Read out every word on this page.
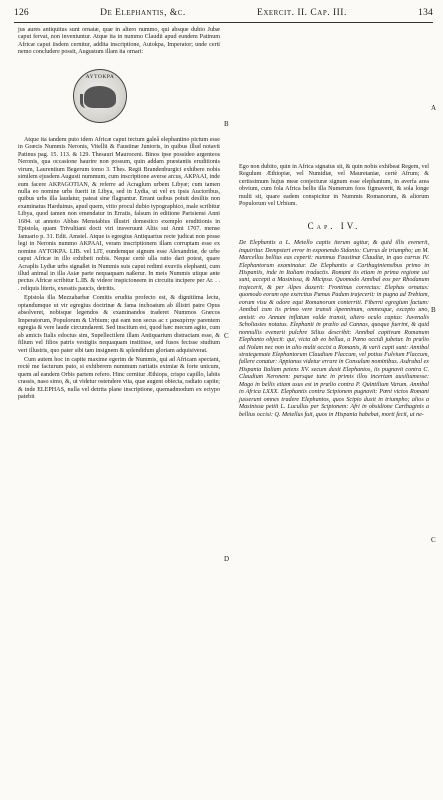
126	De Elephantis, &c.	Exercit. II. Cap. III.	134

jus aures antiquitus sunt ornatæ, quæ in altero nummo, qui absque dubio Jubæ caput fervat, non inveniuntur. Atque ita in nummo Claudii apud eundem Patinum Africæ caput iisdem cernitur, addita inscriptione, Autokpa, Imperator; unde certi nemo concludere possit, Augustum illam ita ornari:

AYTOKPA

Atque ita tandem puto idem Africæ caput tectum galeâ elephantino pictum esse in Græcis Nummis Neronis, Vitellii & Faustinæ Junioris, in quibus illud notavit Patinus pag. 15. 113. & 129. Thesauri Mauroceni. Binos ipse possideo argenteos Neronis, qua occasione haurire non possum, quin addam præstantis eruditionis virum, Laurentium Begerum tomo 3. Thes. Regii Brandenburgici exhibere nobis similem ejusdem Augusti nummum, cum inscriptione averse arcus, AKPAAI, inde eum facere AKPAGOTIAN, & referre ad Acraglum urbem Libyæ; cum tamen nulla eo nomine urbs fuerit in Libya, sed in Lydia, ut vel ex ipsis Auctoribus, quibus urbs illa laudatur, pateat sine flagrantur. Errant usibus potuit desiliis non examinatus Harduinus, apud quem, vitio procul dubio typographico, male scribitur Libya, quod tamen non emendatur in Erratis, falsum in editione Parisiensi Anni 1684. ut annoto Abbas Menstabius illustri domestico exemplo eruditionis in Epistola, quam Trivultiani docti viri insveruunt Aliis sui Anni 1707. mense Januario p. 31. Edit. Amstel. Atque is egregius Antiquarius recte judicat non posse legi in Neronis nummo AKPAAI, veram inscriptionem illam corruptam esse ex nomine AYTOKPA. LIB. vel LIT, eundemque signum esse Alexandriæ, de urbe caput Africæ in illo exhibeti nobis. Neque certè ulla ratio dari potest, quare Acraplis Lydiæ urbs signaßet in Nummis suis caput redimi exuviis elephanti, cum illud animal in illa Asiæ parte nequaquam naßerur. In meis Nummis utique ante pectus Africæ scribitur L.IB. & videor inspicioneem in circuitu incipere per Ar. . . . reliquis literis, exesstis paucis, detritis.

Epistola illa Mezzabarbæ Comitis erudita profecto est, & dignitiima lectu, optandumque ut vir egregius doctrinæ & fama inchoatum ab illistri patre Opus absolveret, nobisque legendos & examinandos traderet Nummos Græcos Imperatorum, Populorum & Urbium; qui eam non secus ac τ μακαρίτην parentem egregia & vere laude circumdarent. Sed inscitum est, quod hæc mecum agito, cum ab amicis Italis edoctus sim, Supellectilem illam Antiquarium distractam esse, & filium vel filios patris vestigiis nequaquam institisse, sed fusos fecisse studium veri illustris, quo pater sibi tam insignem & splendidum gloriam adquisiverat.

Cum autem hoc in capite maxime egerim de Nummis, qui ad Africam spectant, rectè me facturum puto, si exhiberem nummum raritatis eximiæ & forte unicum, quem ad eandem Orbis partem refero. Hinc cernitur Æthiops, crispo capillo, labiis crassis, naso simo, &, ut videtur ostendere vita, quæ augent obiecta, radiato capite; & inde ELEPHAS, nulla vel detrita plane inscriptione, quemadmodum ex ectypo patebit

B
C
D
A
B
C

Ego non dubito, quin in Africa signatus sit, & quin nobis exhibeat Regem, vel Regulum Æthiopiæ, vel Numidiæ, vel Mauretaniæ, certè Afrum; & certissimum hujus meæ conjecturæ signum esse elephantum, in averfa area obvium, cum fola Africa bellis illa Numerum foos figmaverit, & sola longe multi sit, quare eadem conspicitur in Nummis Romanorum, & aliorum Populorum vel Urbium.

Cap. IV.

De Elephantis a L. Metello captis iterum agitur, & quid illis evenerit, inquiritur. Dempsteri error in exponendo Sidonio: Currus de triumpho; an M. Marcellus bellius eas ceperit: nummus Faustinæ Claudiæ, in quo currus IV. Elephantorum examinatur. De Elephantis a Carthaginiensibus primo in Hispaniis, inde in Italiam traductis. Romani iis etiam in prima regione usi sunt, accepit a Masinissa, & Micipsa. Quomodo Annibal eos per Rhodanum trajecerit, & per Alpes duxerit: Frontinus correctus: Elephas ornatus: quomodo eorum ope exercitus Pænus Padum trajecerit: in pugna ad Trebiam, eorum visu & odore equi Romanorum conterriti. Fiberni egregium factum: Annibal cum iis primo vere transit Apenninum, omnesque, excepto uno, amisit: eo Annum inflatum valde transit, altero oculo captus: Juvenalis Scholiastes notatus. Elephanti in prælio ad Cannas, quoque fuerint, & quid nonnullis evenerit pulchre Silius describit: Annibal captivum Romanum Elephanto objecit: qui, victa ab eo bellua, a Pæno occidi jubetur. In prælio ad Nolam nec non in alio multi occisi a Romanis, & varii capti sunt: Annibal strategemate Elephantorum Claudium Flaccum, vel potius Fulvium Flaccum, fallere conatur: Appianus videtur errare in Consulum nominibus. Asdrubal ex Hispania Italiam petens XV. secum duxit Elephantos, iis pugnavit contra C. Claudium Neronem: parsque tunc in primis illos incertam auxiliumesse: Mago in bellis etiam usus est in prælio contra P. Quintilium Varum. Annibal in Africa LXXX. Elephantis contra Scipionem pugnavit: Pœni victos Romani jusserunt omnes tradere Elephantos, quos Scipio duxit in triumpho; alios a Masinissa petiit L. Lucullus per Scipionem: Afri in obsidione Carthaginis a bellius occisi: Q. Metellus fuit, quos in Hispania habebat, morti fecit, ut ne-
